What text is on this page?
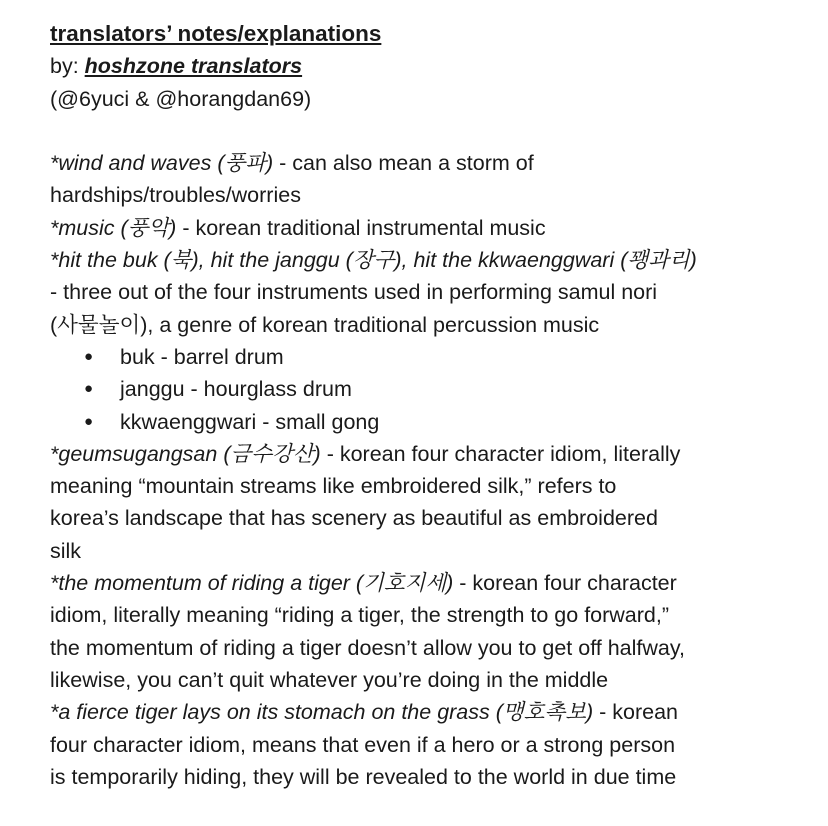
translators’ notes/explanations
by: hoshzone translators
(@6yuci & @horangdan69)
*wind and waves (풍파) - can also mean a storm of
hardships/troubles/worries
*music (풍악) - korean traditional instrumental music
*hit the buk (북), hit the janggu (장구), hit the kkwaenggwari (꽹과리)
- three out of the four instruments used in performing samul nori
(사물놀이), a genre of korean traditional percussion music
● buk - barrel drum
● janggu - hourglass drum
● kkwaenggwari - small gong
*geumsugangsan (금수강산) - korean four character idiom, literally
meaning “mountain streams like embroidered silk,” refers to
korea’s landscape that has scenery as beautiful as embroidered
silk
*the momentum of riding a tiger (기호지세) - korean four character
idiom, literally meaning “riding a tiger, the strength to go forward,”
the momentum of riding a tiger doesn’t allow you to get off halfway,
likewise, you can’t quit whatever you’re doing in the middle
*a fierce tiger lays on its stomach on the grass (맹호촉보) - korean
four character idiom, means that even if a hero or a strong person
is temporarily hiding, they will be revealed to the world in due time
